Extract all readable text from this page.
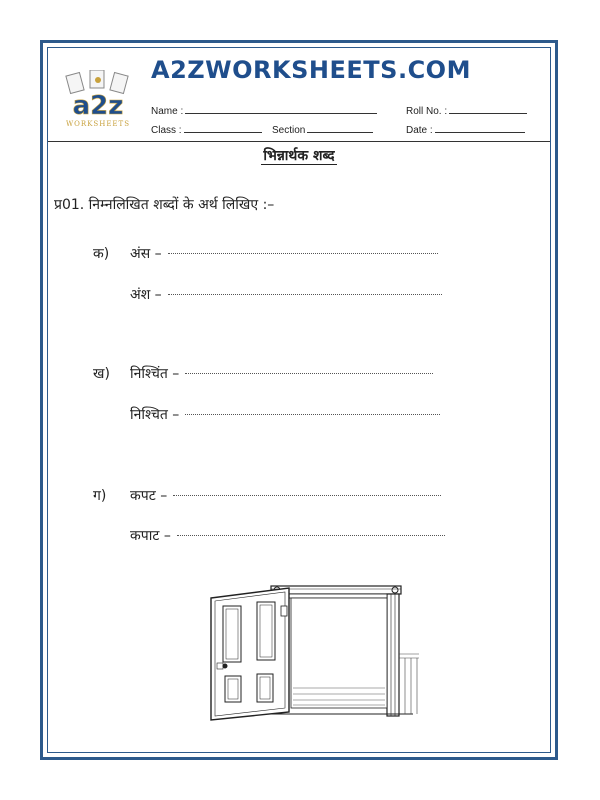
a2z
WORKSHEETS
A2ZWORKSHEETS.COM
Name :	Roll No. :
Class :	Section	Date :
भिन्नार्थक शब्द
प्र01. निम्नलिखित शब्दों के अर्थ लिखिए :–
क) अंस –
अंश –
ख) निश्चिंत –
निश्चित –
ग) कपट –
कपाट –
